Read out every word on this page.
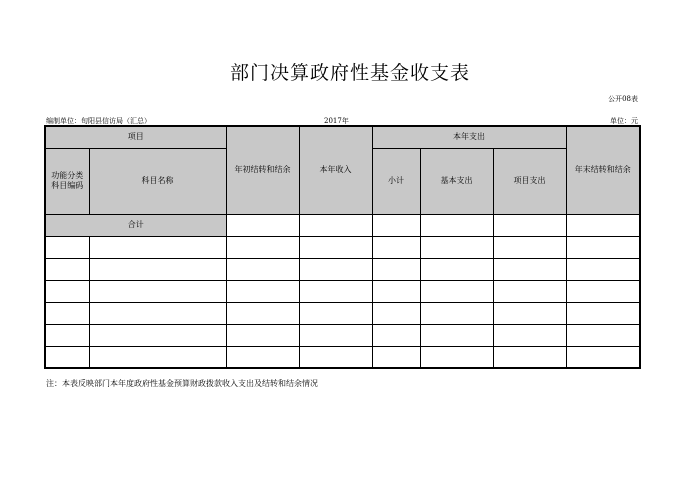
部门决算政府性基金收支表
公开08表
编制单位：旬阳县信访局（汇总）	2017年	单位：元
项目		年初结转和结余	本年收入	本年支出			年末结转和结余
功能分类科目编码	科目名称			小计	基本支出	项目支出	
合计							

注：本表反映部门本年度政府性基金预算财政拨款收入支出及结转和结余情况
